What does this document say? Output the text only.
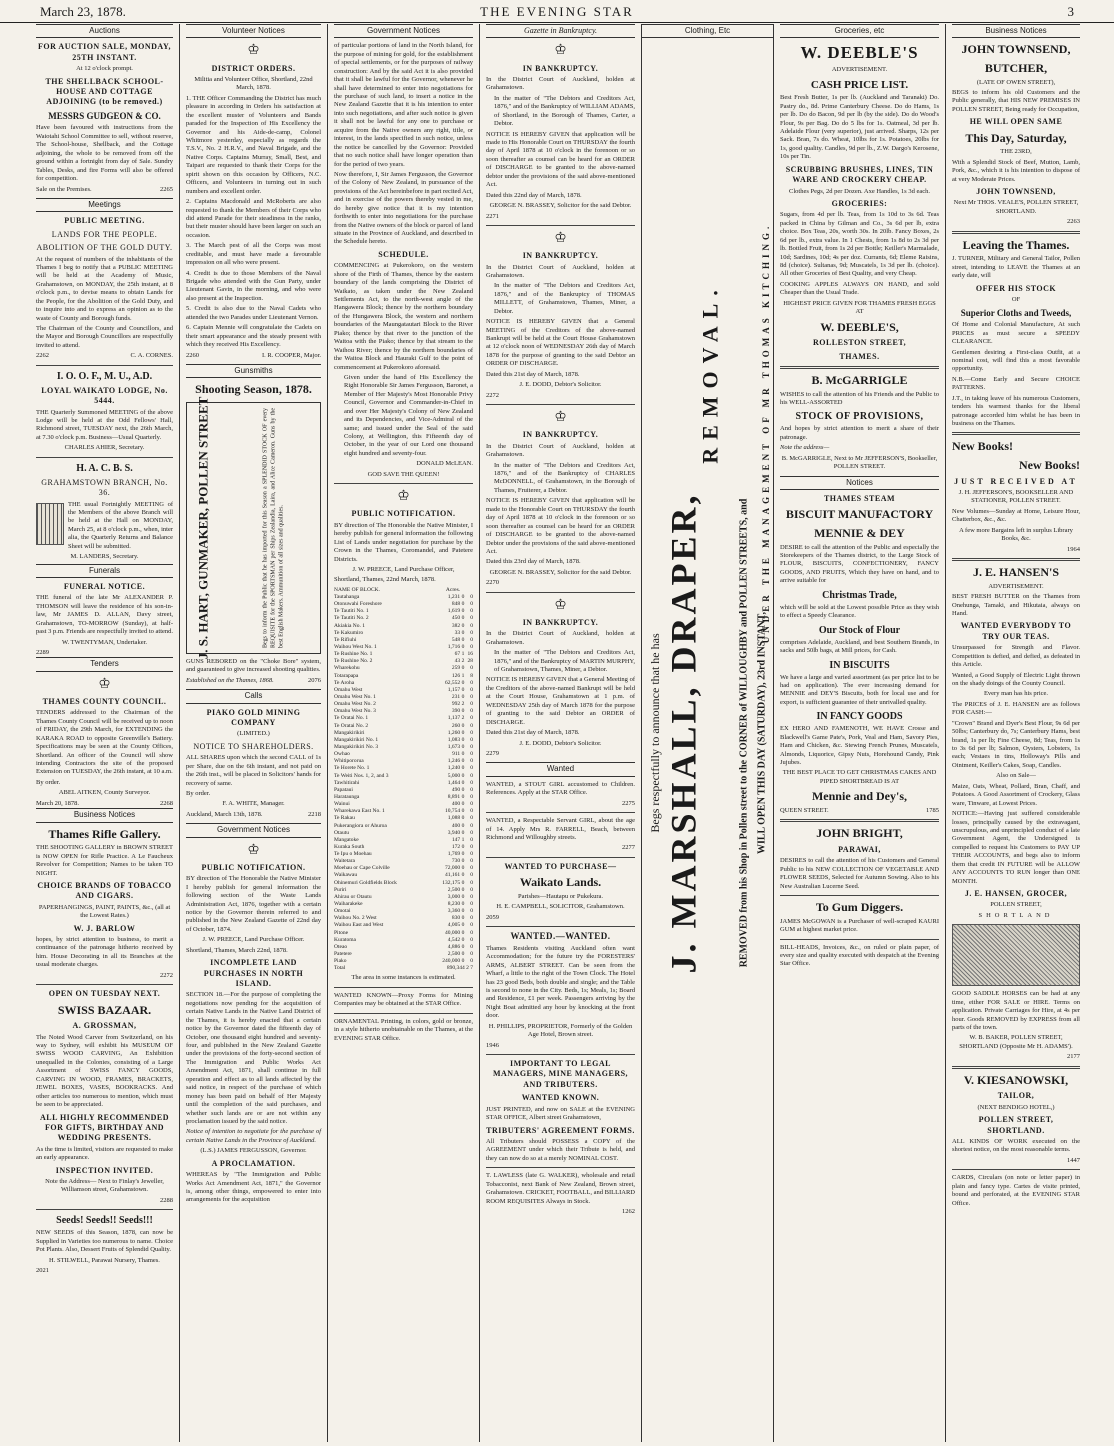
March 23, 1878.	THE EVENING STAR	3
Auctions
FOR AUCTION SALE, MONDAY, 25TH INSTANT.

At 12 o'clock prompt.

THE SHELLBACK SCHOOL-HOUSE AND COTTAGE ADJOINING (to be removed.)
MESSRS GUDGEON & CO.

Have been favoured with instructions from the Waiotahi School Committee to sell, without reserve, The School-house, Shellback, and the Cottage adjoining, the whole to be removed from off the ground within a fortnight from day of Sale. Sundry Tables, Desks, and fire Forms will also be offered for competition.

Sale on the Premises.	2265
Meetings
PUBLIC MEETING.
LANDS FOR THE PEOPLE.
ABOLITION OF THE GOLD DUTY.

At the request of numbers of the inhabitants of the Thames I beg to notify that a PUBLIC MEETING will be held at the Academy of Music, Grahamstown, on MONDAY, the 25th instant, at 8 o'clock p.m., to devise means to obtain Lands for the People, for the Abolition of the Gold Duty, and to inquire into and to express an opinion as to the waste of County and Borough funds.

The Chairman of the County and Councillors, and the Mayor and Borough Councillors are respectfully invited to attend.

2262	C. A. CORNES.
I. O. O. F., M. U., A.D.
LOYAL WAIKATO LODGE, No. 5444.

THE Quarterly Summoned MEETING of the above Lodge will be held at the Odd Fellows' Hall, Richmond street, TUESDAY next, the 26th March, at 7.30 o'clock p.m. Business—Usual Quarterly.

CHARLES AHIER, Secretary.

H. A. C. B. S.
GRAHAMSTOWN BRANCH, No. 36.

THE usual Fortnightly MEETING of the Members of the above Branch will be held at the Hall on MONDAY, March 25, at 8 o'clock p.m., when, inter alia, the Quarterly Returns and Balance Sheet will be submitted.

M. LANDERS, Secretary.

Funerals
FUNERAL NOTICE.

THE funeral of the late Mr ALEXANDER P. THOMSON will leave the residence of his son-in-law, Mr JAMES D. ALLAN, Davy street, Grahamstown, TO-MORROW (Sunday), at half-past 3 p.m. Friends are respectfully invited to attend.

W. TWENTYMAN, Undertaker.

2289
Tenders
♔
THAMES COUNTY COUNCIL.

TENDERS addressed to the Chairman of the Thames County Council will be received up to noon of FRIDAY, the 29th March, for EXTENDING the KARAKA ROAD to opposite Greenville's Battery. Specifications may be seen at the County Offices, Shortland. An officer of the Council will show intending Contractors the site of the proposed Extension on TUESDAY, the 26th instant, at 10 a.m.

By order.

ABEL AITKEN, County Surveyor.

March 20, 1878.	2268
Business Notices
Thames Rifle Gallery.

THE SHOOTING GALLERY in BROWN STREET is NOW OPEN for Rifle Practice. A Le Faucheux Revolver for Competition; Names to be taken TO NIGHT.

CHOICE BRANDS OF TOBACCO AND CIGARS.

PAPERHANGINGS, PAINT, PAINTS, &c., (all at the Lowest Rates.)

W. J. BARLOW

hopes, by strict attention to business, to merit a continuance of the patronage hitherto received by him. House Decorating in all its Branches at the usual moderate charges.

2272
OPEN ON TUESDAY NEXT.
SWISS BAZAAR.
A. GROSSMAN,

The Noted Wood Carver from Switzerland, on his way to Sydney, will exhibit his MUSEUM OF SWISS WOOD CARVING, An Exhibition unequalled in the Colonies, consisting of a Large Assortment of SWISS FANCY GOODS, CARVING IN WOOD, FRAMES, BRACKETS, JEWEL BOXES, VASES, BOOKRACKS. And other articles too numerous to mention, which must be seen to be appreciated.

ALL HIGHLY RECOMMENDED FOR GIFTS, BIRTHDAY AND WEDDING PRESENTS.

As the time is limited, visitors are requested to make an early appearance.

INSPECTION INVITED.

Note the Address— Next to Finlay's Jeweller, Williamson street, Grahamstown.

2288
Seeds! Seeds!! Seeds!!!

NEW SEEDS of this Season, 1878, can now be Supplied in Varieties too numerous to name. Choice Pot Plants. Also, Dessert Fruits of Splendid Quality.

H. STILWELL, Parawai Nursery, Thames.

2021
Volunteer Notices
♔
DISTRICT ORDERS.

Militia and Volunteer Office, Shortland, 22nd March, 1878.

1. THE Officer Commanding the District has much pleasure in according in Orders his satisfaction at the excellent muster of Volunteers and Bands paraded for the Inspection of His Excellency the Governor and his Aide-de-camp, Colonel Whitmore yesterday, especially as regards the T.S.V., No. 2 H.R.V., and Naval Brigade, and the Native Corps. Captains Murray, Small, Best, and Taipari are requested to thank their Corps for the spirit shown on this occasion by Officers, N.C. Officers, and Volunteers in turning out in such numbers and excellent order.

2. Captains Macdonald and McRoberts are also requested to thank the Members of their Corps who did attend Parade for their steadiness in the ranks, but their muster should have been larger on such an occasion.

3. The March pest of all the Corps was most creditable, and must have made a favourable impression on all who were present.

4. Credit is due to those Members of the Naval Brigade who attended with the Gun Party, under Lieutenant Gavin, in the morning, and who were also present at the Inspection.

5. Credit is also due to the Naval Cadets who attended the two Parades under Lieutenant Vernon.

6. Captain Mennie will congratulate the Cadets on their smart appearance and the steady present with which they received His Excellency.

2260	I. R. COOPER, Major.
Gunsmiths
Shooting Season, 1878.
J. S. HART, GUNMAKER, POLLEN STREET	Begs to inform the Public that he has imported for this Season a SPLENDID STOCK OF every REQUISITE for the SPORTSMAN per Ships Zealandia, Laira, and Alice Cameron. Guns by the best English Makers. Ammunition of all sizes and qualities.

GUNS REBORED on the "Choke Bore" system, and guaranteed to give increased shooting qualities.

Established on the Thames, 1868.	2076
Calls
PIAKO GOLD MINING COMPANY

(LIMITED.)

NOTICE TO SHAREHOLDERS.

ALL SHARES upon which the second CALL of 1s per Share, due on the 6th instant, and not paid on the 26th inst., will be placed in Solicitors' hands for recovery of same.

By order.

F. A. WHITE, Manager.

Auckland, March 13th, 1878.	2218
Government Notices
♔
PUBLIC NOTIFICATION.

BY direction of The Honorable the Native Minister I hereby publish for general information the following section of the Waste Lands Administration Act, 1876, together with a certain notice by the Governor therein referred to and published in the New Zealand Gazette of 22nd day of October, 1874.

J. W. PREECE, Land Purchase Officer.

Shortland, Thames, March 22nd, 1878.

INCOMPLETE LAND PURCHASES IN NORTH ISLAND.

SECTION 18.—For the purpose of completing the negotiations now pending for the acquisition of certain Native Lands in the Native Land District of the Thames, it is hereby enacted that a certain notice by the Governor dated the fifteenth day of October, one thousand eight hundred and seventy-four, and published in the New Zealand Gazette under the provisions of the forty-second section of The Immigration and Public Works Act Amendment Act, 1871, shall continue in full operation and effect as to all lands affected by the said notice, in respect of the purchase of which money has been paid on behalf of Her Majesty until the completion of the said purchases, and whether such lands are or are not within any proclamation issued by the said notice.

Notice of intention to negotiate for the purchase of certain Native Lands in the Province of Auckland.

(L.S.) JAMES FERGUSSON, Governor.

A PROCLAMATION.

WHEREAS by "The Immigration and Public Works Act Amendment Act, 1871," the Governor is, among other things, empowered to enter into arrangements for the acquisition

Government Notices

of particular portions of land in the North Island, for the purpose of mining for gold, for the establishment of special settlements, or for the purposes of railway construction: And by the said Act it is also provided that it shall be lawful for the Governor, whenever he shall have determined to enter into negotiations for the purchase of such land, to insert a notice in the New Zealand Gazette that it is his intention to enter into such negotiations, and after such notice is given it shall not be lawful for any one to purchase or acquire from the Native owners any right, title, or interest, in the lands specified in such notice, unless the notice be cancelled by the Governor: Provided that no such notice shall have longer operation than for the period of two years.

Now therefore, I, Sir James Fergusson, the Governor of the Colony of New Zealand, in pursuance of the provisions of the Act hereinbefore in part recited Act, and in exercise of the powers thereby vested in me, do hereby give notice that it is my intention forthwith to enter into negotiations for the purchase from the Native owners of the block or parcel of land situate in the Province of Auckland, and described in the Schedule hereto.

SCHEDULE.

COMMENCING at Pukerokoro, on the western shore of the Firth of Thames, thence by the eastern boundary of the lands comprising the District of Waikato, as taken under the New Zealand Settlements Act, to the north-west angle of the Hangawera Block; thence by the northern boundary of the Hungawera Block, the western and northern boundaries of the Maungatautari Block to the River Piako; thence by that river to the junction of the Waitoa with the Piako; thence by that stream to the Waihou River; thence by the northern boundaries of the Waitoa Block and Hauraki Gulf to the point of commencement at Pukerokoro aforesaid.

Given under the hand of His Excellency the Right Honorable Sir James Fergusson, Baronet, a Member of Her Majesty's Most Honorable Privy Council, Governor and Commander-in-Chief in and over Her Majesty's Colony of New Zealand and its Dependencies, and Vice-Admiral of the same; and issued under the Seal of the said Colony, at Wellington, this Fifteenth day of October, in the year of our Lord one thousand eight hundred and seventy-four.

DONALD McLEAN.

GOD SAVE THE QUEEN!

♔
PUBLIC NOTIFICATION.

BY direction of The Honorable the Native Minister, I hereby publish for general information the following List of Lands under negotiation for purchase by the Crown in the Thames, Coromandel, and Patetere Districts.

J. W. PREECE, Land Purchase Officer,

Shortland, Thames, 22nd March, 1878.

NAME OF BLOCK.	Acres.		
Tautahanga	1,231	0	0
Otonuwahi Foreshore	848	0	0
Te Tautiti No. 1	1,619	0	0
Te Tautiti No. 2	450	0	0
Akiakia No. 1	382	0	0
Te Kakumiro	33	0	0
Te Rifiuhi	548	0	0
Waihou West No. 1	1,716	0	0
Te Rushine No. 1	67	1	16
Te Rushine No. 2	43	2	28
Wharekohu	259	0	0
Totarapapa	126	1	8
Te Aroha	62,552	0	0
Omahu West	1,157	0	0
Omahu West No. 1	231	0	0
Omahu West No. 2	992	2	0
Omahu West No. 3	390	0	0
Te Oratai No. 1	1,137	2	0
Te Oratai No. 2	260	0	0
Mangakirikiri	1,260	0	0
Mangakirikiri No. 1	1,083	0	0
Mangakirikiri No. 3	1,673	0	0
Owhao	911	0	0
Whitipororua	1,246	0	0
Te Horete No. 1	1,240	0	0
Te Weiti Nos. 1, 2, and 3	5,000	0	0
Tawhitirahi	1,464	0	0
Papataui	490	0	0
Harataunga	8,891	0	0
Wainui	400	0	0
Wharekawa East No. 1	10,754	0	0
Te Rakau	1,088	0	0
Pukerangiora or Ahuroa	400	0	0
Otautu	3,940	0	0
Mangatoke	147	1	0
Kuraka South	172	0	0
Te Ipu o Moehau	1,769	0	0
Waitetara	730	0	0
Moehau or Cape Colville	72,000	0	0
Waikawau	41,161	0	0
Ohinemuri Goldfields Block	132,175	0	0
Puriri	2,500	0	0
Ahirau or Otautu	3,000	0	0
Waiharakeke	8,230	0	0
Omotai	3,360	0	0
Waihou No. 2 West	830	0	0
Waihou East and West	4,005	0	0
Pitone	40,000	0	0
Kuratoma	4,542	0	0
Oteao	4,886	0	0
Patetere	2,500	0	0
Piako	240,000	0	0
Total	890,344 2 7		

The area in some instances is estimated.

WANTED KNOWN—Proxy Forms for Mining Companies may be obtained at the STAR Office.

ORNAMENTAL Printing, in colors, gold or bronze, in a style hitherto unobtainable on the Thames, at the EVENING STAR Office.

Gazette in Bankruptcy.
♔
IN BANKRUPTCY.

In the District Court of Auckland, holden at Grahamstown.

In the matter of "The Debtors and Creditors Act, 1876," and of the Bankruptcy of WILLIAM ADAMS, of Shortland, in the Borough of Thames, Carter, a Debtor.

NOTICE IS HEREBY GIVEN that application will be made to His Honorable Court on THURSDAY the fourth day of April 1878 at 10 o'clock in the forenoon or so soon thereafter as counsel can be heard for an ORDER of DISCHARGE to be granted to the above-named debtor under the provisions of the said above-mentioned Act.

Dated this 22nd day of March, 1878.

GEORGE N. BRASSEY, Solicitor for the said Debtor.

2271
♔
IN BANKRUPTCY.

In the District Court of Auckland, holden at Grahamstown.

In the matter of "The Debtors and Creditors Act, 1876," and of the Bankruptcy of THOMAS MILLETT, of Grahamstown, Thames, Miner, a Debtor.

NOTICE IS HEREBY GIVEN that a General MEETING of the Creditors of the above-named Bankrupt will be held at the Court House Grahamstown at 12 o'clock noon of WEDNESDAY 26th day of March 1878 for the purpose of granting to the said Debtor an ORDER OF DISCHARGE.

Dated this 21st day of March, 1878.

J. E. DODD, Debtor's Solicitor.

2272
♔
IN BANKRUPTCY.

In the District Court of Auckland, holden at Grahamstown.

In the matter of "The Debtors and Creditors Act, 1876," and of the Bankruptcy of CHARLES McDONNELL, of Grahamstown, in the Borough of Thames, Fruiterer, a Debtor.

NOTICE IS HEREBY GIVEN that application will be made to the Honorable Court on THURSDAY the fourth day of April 1878 at 10 o'clock in the forenoon or so soon thereafter as counsel can be heard for an ORDER of DISCHARGE to be granted to the above-named Debtor under the provisions of the said above-mentioned Act.

Dated this 23rd day of March, 1878.

GEORGE N. BRASSEY, Solicitor for the said Debtor.

2270
♔
IN BANKRUPTCY.

In the District Court of Auckland, holden at Grahamstown.

In the matter of "The Debtors and Creditors Act, 1876," and of the Bankruptcy of MARTIN MURPHY, of Grahamstown, Thames, Miner, a Debtor.

NOTICE IS HEREBY GIVEN that a General Meeting of the Creditors of the above-named Bankrupt will be held at the Court House, Grahamstown at 1 p.m. of WEDNESDAY 25th day of March 1878 for the purpose of granting to the said Debtor an ORDER of DISCHARGE.

Dated this 21st day of March, 1878.

J. E. DODD, Debtor's Solicitor.

2279
Wanted

WANTED, a STOUT GIRL accustomed to Children. References. Apply at the STAR Office.

2275

WANTED, a Respectable Servant GIRL, about the age of 14. Apply Mrs R. FARRELL, Beach, between Richmond and Willoughby streets.

2277
WANTED TO PURCHASE—
Waikato Lands.

Parishes—Hautapu or Pukekura.

H. E. CAMPBELL, SOLICITOR, Grahamstown.

2059
WANTED.—WANTED.

Thames Residents visiting Auckland often want Accommodation; for the future try the FORESTERS' ARMS, ALBERT STREET. Can be seen from the Wharf, a little to the right of the Town Clock. The Hotel has 23 good Beds, both double and single; and the Table is second to none in the City. Beds, 1s; Meals, 1s; Board and Residence, £1 per week. Passengers arriving by the Night Boat admitted any hour by knocking at the front door.

H. PHILLIPS, PROPRIETOR, Formerly of the Golden Age Hotel, Brown street.

1946
IMPORTANT TO LEGAL MANAGERS, MINE MANAGERS, AND TRIBUTERS.
WANTED KNOWN.

JUST PRINTED, and now on SALE at the EVENING STAR OFFICE, Albert street Grahamstown,

TRIBUTERS' AGREEMENT FORMS.

All Tributers should POSSESS a COPY of the AGREEMENT under which their Tribute is held, and they can now do so at a merely NOMINAL COST.

T. LAWLESS (late G. WALKER), wholesale and retail Tobacconist, next Bank of New Zealand, Brown street, Grahamstown. CRICKET, FOOTBALL, and BILLIARD ROOM REQUISITES Always in Stock.

1262
Clothing, Etc
Begs respectfully to announce that he has J. MARSHALL, DRAPER,
REMOVAL.
REMOVED from his Shop in Pollen street to the CORNER of WILLOUGHBY and POLLEN STREETS, and WILL OPEN THIS DAY (SATURDAY), 23rd INSTANT,
UNDER THE MANAGEMENT OF MR THOMAS KITCHING.
Groceries, etc
W. DEEBLE'S

ADVERTISEMENT.

CASH PRICE LIST.

Best Fresh Butter, 1s per lb. (Auckland and Taranaki) Do. Pastry do., 8d. Prime Canterbury Cheese. Do do Hams, 1s per lb. Do do Bacon, 9d per lb (by the side). Do do Wood's Flour, 9s per Bag. Do do 5 lbs for 1s. Oatmeal, 3d per lb. Adelaide Flour (very superior), just arrived. Sharps, 12s per Sack. Bran, 7s do. Wheat, 10lbs for 1s. Potatoes, 20lbs for 1s, good quality. Candles, 9d per lb., Z.W. Dargo's Kerosene, 10s per Tin.

SCRUBBING BRUSHES, LINES, TIN WARE AND CROCKERY CHEAP.

Clothes Pegs, 2d per Dozen. Axe Handles, 1s 3d each.

GROCERIES:

Sugars, from 4d per lb. Teas, from 1s 10d to 3s 6d. Teas packed in China by Gilman and Co., 3s 6d per lb, extra choice. Box Teas, 20s, worth 30s. In 20lb. Fancy Boxes, 2s 6d per lb., extra value. In 1 Chests, from 1s 8d to 2s 3d per lb. Bottled Fruit, from 1s 2d per Bottle; Keiller's Marmalade, 10d; Sardines, 10d; 4s per doz. Currants, 6d; Eleme Raisins, 8d (choice). Sultanas, 9d; Muscatels, 1s 3d per lb. (choice). All other Groceries of Best Quality, and very Cheap.

COOKING APPLES ALWAYS ON HAND, and sold Cheaper than the Usual Trade.

HIGHEST PRICE GIVEN FOR THAMES FRESH EGGS AT

W. DEEBLE'S,
ROLLESTON STREET,
THAMES.
B. McGARRIGLE

WISHES to call the attention of his Friends and the Public to his WELL-ASSORTED

STOCK OF PROVISIONS,

And hopes by strict attention to merit a share of their patronage.

Note the address—

B. McGARRIGLE, Next to Mr JEFFERSON'S, Bookseller, POLLEN STREET.

Notices
THAMES STEAM
BISCUIT MANUFACTORY
MENNIE & DEY

DESIRE to call the attention of the Public and especially the Storekeepers of the Thames district, to the Large Stock of FLOUR, BISCUITS, CONFECTIONERY, FANCY GOODS, AND FRUITS, Which they have on hand, and to arrive suitable for

Christmas Trade,

which will be sold at the Lowest possible Price as they wish to effect a Speedy Clearance.

Our Stock of Flour

comprises Adelaide, Auckland, and best Southern Brands, in sacks and 50lb bags, at Mill prices, for Cash.

IN BISCUITS

We have a large and varied assortment (as per price list to be had on application). The ever increasing demand for MENNIE and DEY'S Biscuits, both for local use and for export, is sufficient guarantee of their unrivalled quality.

IN FANCY GOODS

EX HERO AND FAMENOTH, WE HAVE Crosse and Blackwell's Game Pate's, Pork, Veal and Ham, Savory Pies, Ham and Chicken, &c. Stewing French Prunes, Muscatels, Almonds, Liquorice, Gipsy Nuts, Horehound Candy, Pink Jujubes.

THE BEST PLACE TO GET CHRISTMAS CAKES AND PIPED SHORTBREAD IS AT

Mennie and Dey's,
QUEEN STREET.	1785
JOHN BRIGHT,
PARAWAI,

DESIRES to call the attention of his Customers and General Public to his NEW COLLECTION OF VEGETABLE AND FLOWER SEEDS, Selected for Autumn Sowing. Also to his New Australian Lucerne Seed.

To Gum Diggers.

JAMES McGOWAN is a Purchaser of well-scraped KAURI GUM at highest market price.

BILL-HEADS, Invoices, &c., on ruled or plain paper, of every size and quality executed with despatch at the Evening Star Office.

Business Notices
JOHN TOWNSEND,
BUTCHER,

(LATE OF OWEN STREET),

BEGS to inform his old Customers and the Public generally, that HIS NEW PREMISES IN POLLEN STREET, Being ready for Occupation,

HE WILL OPEN SAME
This Day, Saturday,

THE 23RD,

With a Splendid Stock of Beef, Mutton, Lamb, Pork, &c., which it is his intention to dispose of at very Moderate Prices.

JOHN TOWNSEND,

Next Mr THOS. VEALE'S, POLLEN STREET, SHORTLAND.

2263
Leaving the Thames.

J. TURNER, Military and General Tailor, Pollen street, intending to LEAVE the Thames at an early date, will

OFFER HIS STOCK

OF

Superior Cloths and Tweeds,

Of Home and Colonial Manufacture, At such PRICES as must secure a SPEEDY CLEARANCE.

Gentlemen desiring a First-class Outfit, at a nominal cost, will find this a most favorable opportunity.

N.B.—Come Early and Secure CHOICE PATTERNS.

J.T., in taking leave of his numerous Customers, tenders his warmest thanks for the liberal patronage accorded him whilst he has been in business on the Thames.

New Books!
New Books!
JUST RECEIVED AT

J. H. JEFFERSON'S, BOOKSELLER AND STATIONER, POLLEN STREET.

New Volumes—Sunday at Home, Leisure Hour, Chatterbox, &c., &c.

A few more Bargains left in surplus Library Books, &c.

1964
J. E. HANSEN'S

ADVERTISEMENT.

BEST FRESH BUTTER on the Thames from Onehunga, Tamaki, and Hikutaia, always on Hand.

WANTED EVERYBODY TO TRY OUR TEAS.

Unsurpassed for Strength and Flavor. Competition is defied, and defied, as defeated in this Article.

Wanted, a Good Supply of Electric Light thrown on the shady doings of the County Council.

Every man has his price.

The PRICES of J. E. HANSEN are as follows FOR CASH:—

"Crown" Brand and Dyer's Best Flour, 9s 6d per 50lbs; Canterbury do, 7s; Canterbury Hams, best brand, 1s per lb; Fine Cheese, 8d; Teas, from 1s to 3s 6d per lb; Salmon, Oysters, Lobsters, 1s each; Vestaes in tins, Holloway's Pills and Ointment, Keiller's Cakes, Soap, Candles.

Also on Sale—

Maize, Oats, Wheat, Pollard, Bran, Chaff, and Potatoes. A Good Assortment of Crockery, Glass ware, Tinware, at Lowest Prices.

NOTICE:—Having just suffered considerable losses, principally caused by the extravagant, unscrupulous, and unprincipled conduct of a late Government Agent, the Undersigned is compelled to request his Customers to PAY UP THEIR ACCOUNTS, and begs also to inform them that credit IN FUTURE will be ALLOW ANY ACCOUNTS TO RUN longer than ONE MONTH.

J. E. HANSEN, GROCER,

POLLEN STREET,

SHORTLAND

GOOD SADDLE HORSES can be had at any time, either FOR SALE or HIRE. Terms on application. Private Carriages for Hire, at 4s per hour. Goods REMOVED by EXPRESS from all parts of the town.

W. B. BAKER, POLLEN STREET, SHORTLAND (Opposite Mr H. ADAMS').

2177
V. KIESANOWSKI,
TAILOR,

(NEXT BENDIGO HOTEL,)

POLLEN STREET, SHORTLAND.

ALL KINDS OF WORK executed on the shortest notice, on the most reasonable terms.

1447

CARDS, Circulars (on note or letter paper) in plain and fancy type. Cartes de visite printed, bound and perforated, at the EVENING STAR Office.
